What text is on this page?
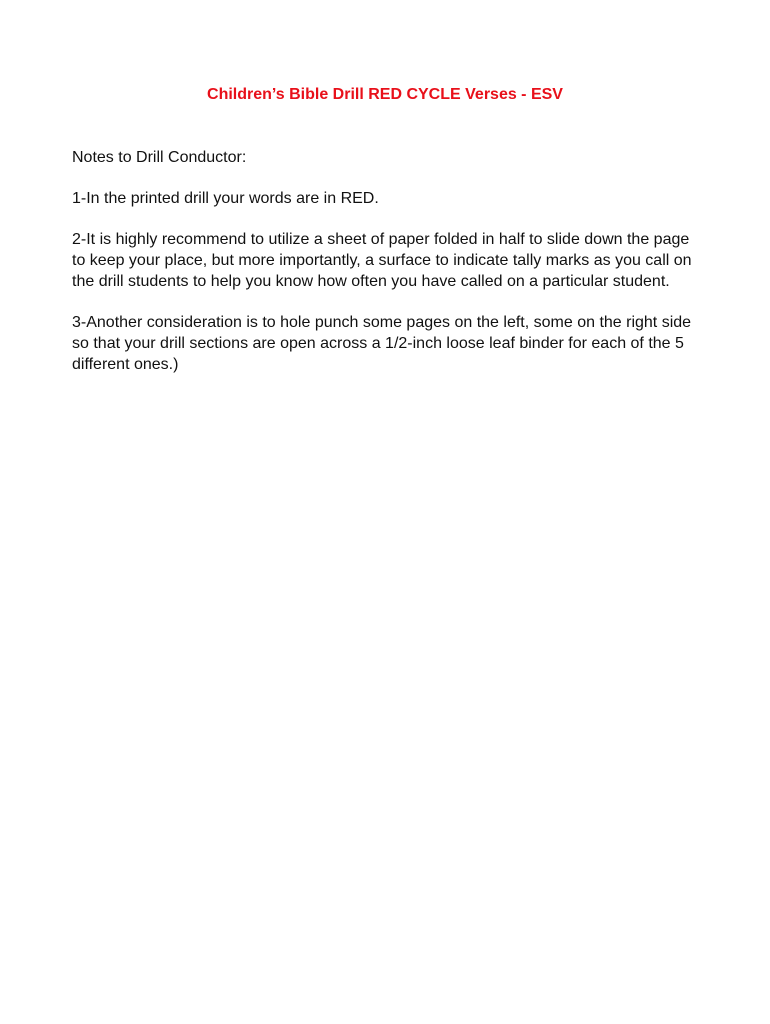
Children’s Bible Drill RED CYCLE Verses - ESV

Notes to Drill Conductor:

1-In the printed drill your words are in RED.

2-It is highly recommend to utilize a sheet of paper folded in half to slide down the page to keep your place, but more importantly, a surface to indicate tally marks as you call on the drill students to help you know how often you have called on a particular student.

3-Another consideration is to hole punch some pages on the left, some on the right side so that your drill sections are open across a 1/2-inch loose leaf binder for each of the 5 different ones.)
